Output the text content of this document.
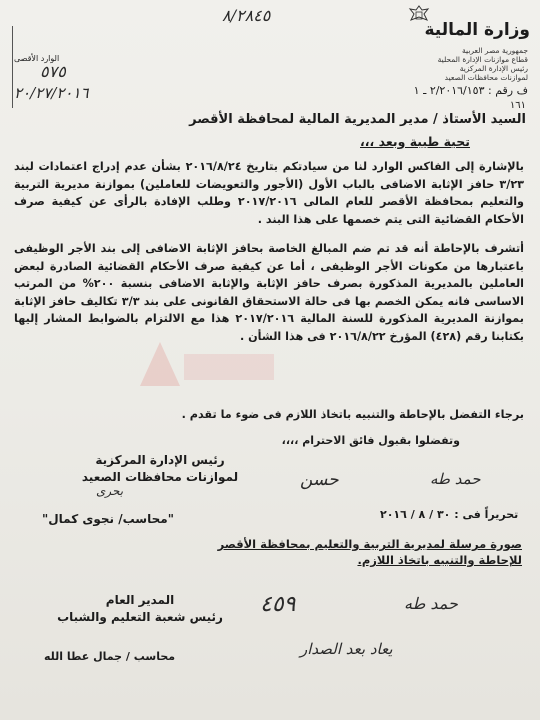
وزارة المالية
جمهورية مصر العربية
قطاع موازنات الإدارة المحلية
رئيس الإدارة المركزية
لموازنات محافظات الصعيد
ف رقم : ٢/٢٠١٦/١٥٣ ـ ١
١٦١
٨/٢٨٤٥
الوارد الأقصى
٥٧٥
٢٠/٢٧/٢٠١٦
السيد الأستاذ / مدير المديرية المالية لمحافظة الأقصر
تحية طيبة وبعد ،،،
بالإشارة إلى الفاكس الوارد لنا من سيادتكم بتاريخ ٢٠١٦/٨/٢٤ بشأن عدم إدراج اعتمادات لبند ٣/٢٣ حافز الإثابة الاضافى بالباب الأول (الأجور والتعويضات للعاملين) بموازنة مديرية التربية والتعليم بمحافظة الأقصر للعام المالى ٢٠١٧/٢٠١٦ وطلب الإفادة بالرأى عن كيفية صرف الأحكام القضائية التى يتم خصمها على هذا البند .
أتشرف بالإحاطة أنه قد تم ضم المبالغ الخاصة بحافز الإثابة الاضافى إلى بند الأجر الوظيفى باعتبارها من مكونات الأجر الوظيفى ، أما عن كيفية صرف الأحكام القضائية الصادرة لبعض العاملين بالمديرية المذكورة بصرف حافز الإثابة والإثابة الاضافى بنسبة ٢٠٠% من المرتب الاساسى فانه يمكن الخصم بها فى حالة الاستحقاق القانونى على بند ٣/٣ تكاليف حافز الإثابة بموازنة المديرية المذكورة للسنة المالية ٢٠١٧/٢٠١٦ هذا مع الالتزام بالضوابط المشار إليها بكتابنا رقم (٤٢٨) المؤرخ ٢٠١٦/٨/٢٢ فى هذا الشأن .
برجاء التفضل بالإحاطة والتنبيه باتخاذ اللازم فى ضوء ما تقدم .
وتفضلوا بقبول فائق الاحترام ،،،،
رئيس الإدارة المركزية
لموازنات محافظات الصعيد
بحرى
"محاسب/ نجوى كمال"
حسن	حمد طه
تحريراً فى : ٣٠ / ٨ / ٢٠١٦
صورة مرسلة لمديرية التربية والتعليم بمحافظة الأقصر
للإحاطة والتنبيه باتخاذ اللازم.
المدير العام
رئيس شعبة التعليم والشباب
محاسب / جمال عطا الله
٤٥٩	حمد طه
يعاد بعد الصدار
